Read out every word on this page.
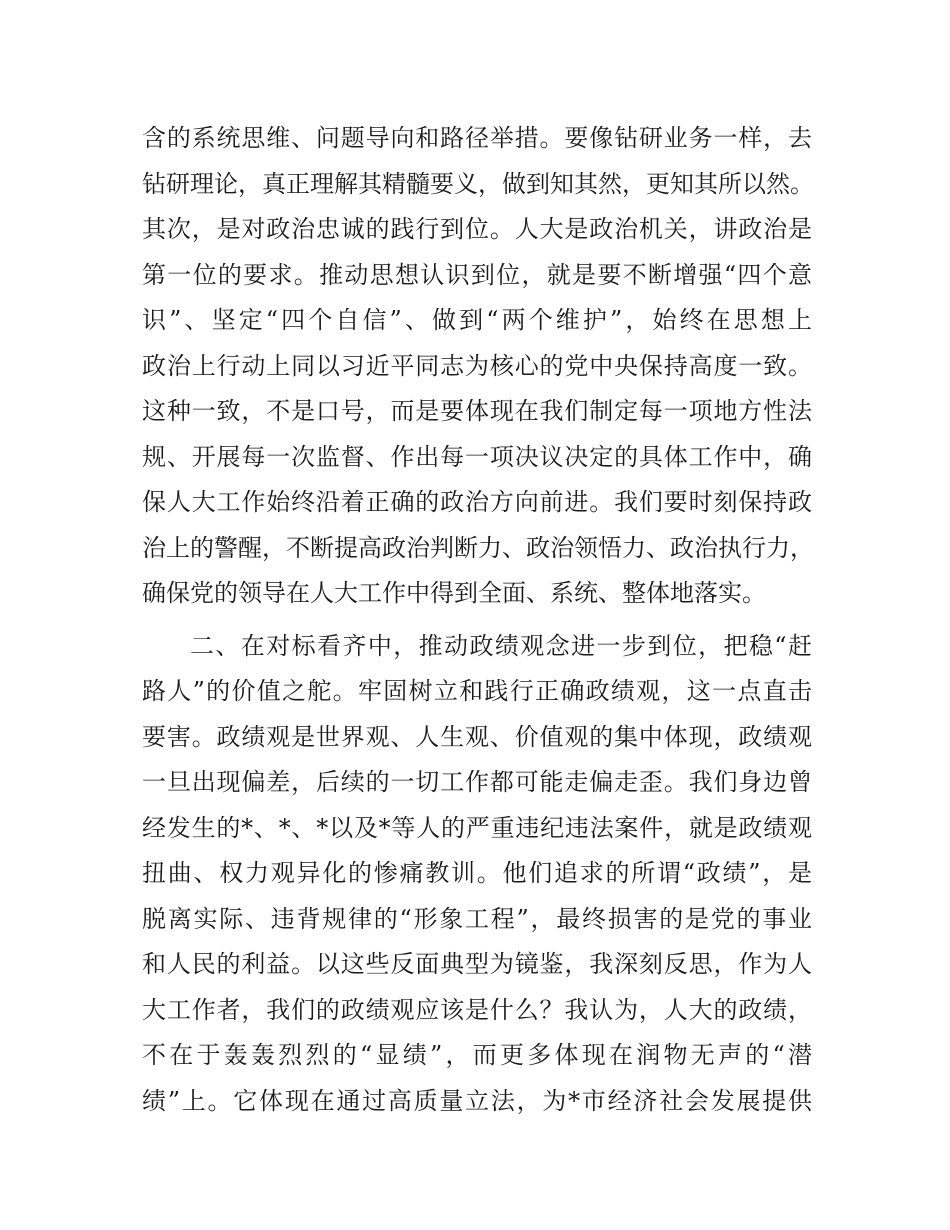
含的系统思维、问题导向和路径举措。要像钻研业务一样，去
钻研理论，真正理解其精髓要义，做到知其然，更知其所以然。
其次，是对政治忠诚的践行到位。人大是政治机关，讲政治是
第一位的要求。推动思想认识到位，就是要不断增强“四个意
识”、坚定“四个自信”、做到“两个维护”，始终在思想上
政治上行动上同以习近平同志为核心的党中央保持高度一致。
这种一致，不是口号，而是要体现在我们制定每一项地方性法
规、开展每一次监督、作出每一项决议决定的具体工作中，确
保人大工作始终沿着正确的政治方向前进。我们要时刻保持政
治上的警醒，不断提高政治判断力、政治领悟力、政治执行力，
确保党的领导在人大工作中得到全面、系统、整体地落实。
二、在对标看齐中，推动政绩观念进一步到位，把稳“赶
路人”的价值之舵。牢固树立和践行正确政绩观，这一点直击
要害。政绩观是世界观、人生观、价值观的集中体现，政绩观
一旦出现偏差，后续的一切工作都可能走偏走歪。我们身边曾
经发生的*、*、*以及*等人的严重违纪违法案件，就是政绩观
扭曲、权力观异化的惨痛教训。他们追求的所谓“政绩”，是
脱离实际、违背规律的“形象工程”，最终损害的是党的事业
和人民的利益。以这些反面典型为镜鉴，我深刻反思，作为人
大工作者，我们的政绩观应该是什么？我认为，人大的政绩，
不在于轰轰烈烈的“显绩”，而更多体现在润物无声的“潜
绩”上。它体现在通过高质量立法，为*市经济社会发展提供
